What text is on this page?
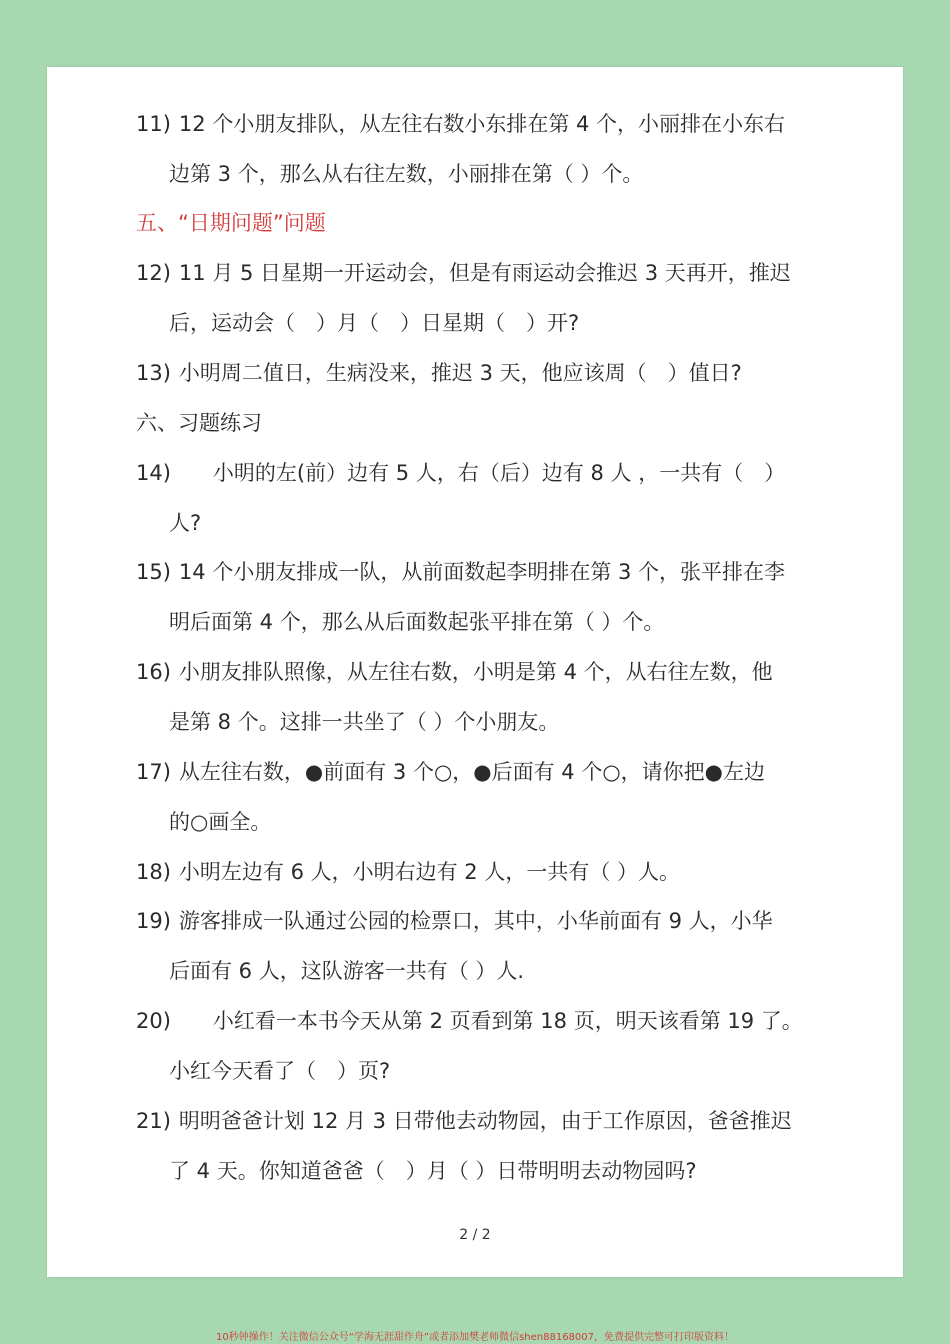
11) 12 个小朋友排队，从左往右数小东排在第 4 个，小丽排在小东右
边第 3 个，那么从右往左数，小丽排在第（ ）个。
五、“日期问题”问题
12) 11 月 5 日星期一开运动会，但是有雨运动会推迟 3 天再开，推迟
后，运动会（　）月（　）日星期（　）开?
13) 小明周二值日，生病没来，推迟 3 天，他应该周（　）值日?
六、习题练习
14) 小明的左(前）边有 5 人，右（后）边有 8 人 ，一共有（　）
人?
15) 14 个小朋友排成一队，从前面数起李明排在第 3 个，张平排在李
明后面第 4 个，那么从后面数起张平排在第（ ）个。
16) 小朋友排队照像，从左往右数，小明是第 4 个，从右往左数，他
是第 8 个。这排一共坐了（ ）个小朋友。
17) 从左往右数，●前面有 3 个○，●后面有 4 个○，请你把●左边
的○画全。
18) 小明左边有 6 人，小明右边有 2 人，一共有（ ）人。
19) 游客排成一队通过公园的检票口，其中，小华前面有 9 人，小华
后面有 6 人，这队游客一共有（ ）人.
20) 小红看一本书今天从第 2 页看到第 18 页，明天该看第 19 了。
小红今天看了（　）页?
21) 明明爸爸计划 12 月 3 日带他去动物园，由于工作原因，爸爸推迟
了 4 天。你知道爸爸（　）月（ ）日带明明去动物园吗?
2 / 2
10秒钟操作！关注微信公众号“学海无涯甜作舟”或者添加樊老师微信shen88168007，免费提供完整可打印版资料！
